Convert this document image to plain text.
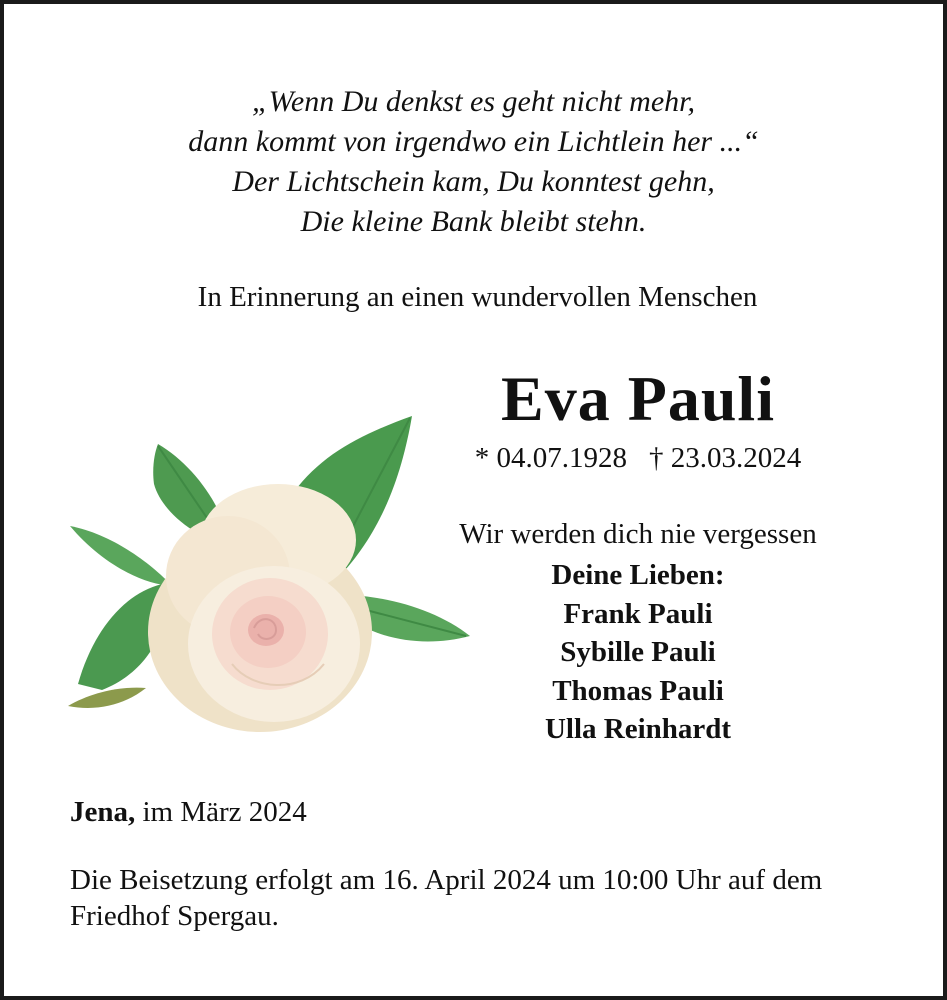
„Wenn Du denkst es geht nicht mehr,
dann kommt von irgendwo ein Lichtlein her ...“
Der Lichtschein kam, Du konntest gehn,
Die kleine Bank bleibt stehn.
In Erinnerung an einen wundervollen Menschen
Eva Pauli
* 04.07.1928 † 23.03.2024
Wir werden dich nie vergessen
Deine Lieben:
Frank Pauli
Sybille Pauli
Thomas Pauli
Ulla Reinhardt
Jena, im März 2024
Die Beisetzung erfolgt am 16. April 2024 um 10:00 Uhr auf dem Friedhof Spergau.
